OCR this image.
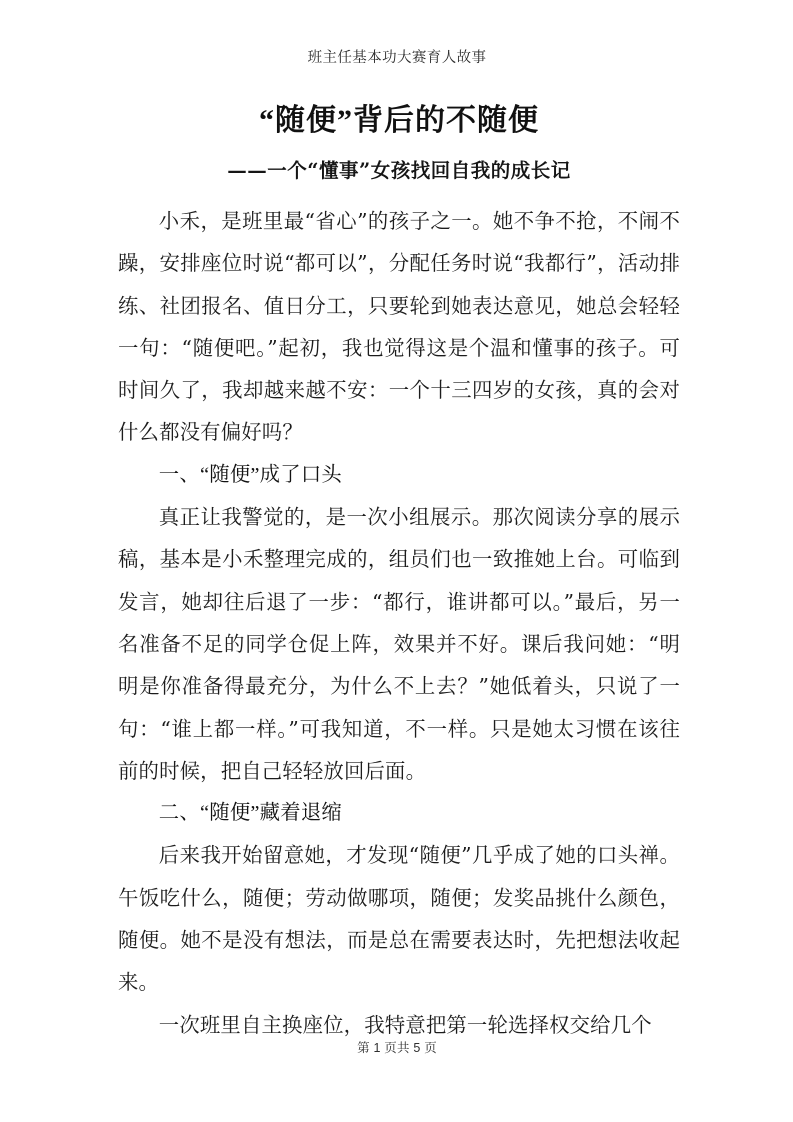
班主任基本功大赛育人故事
“随便”背后的不随便
——一个“懂事”女孩找回自我的成长记

小禾，是班里最“省心”的孩子之一。她不争不抢，不闹不躁，安排座位时说“都可以”，分配任务时说“我都行”，活动排练、社团报名、值日分工，只要轮到她表达意见，她总会轻轻一句：“随便吧。”起初，我也觉得这是个温和懂事的孩子。可时间久了，我却越来越不安：一个十三四岁的女孩，真的会对什么都没有偏好吗？

一、“随便”成了口头

真正让我警觉的，是一次小组展示。那次阅读分享的展示稿，基本是小禾整理完成的，组员们也一致推她上台。可临到发言，她却往后退了一步：“都行，谁讲都可以。”最后，另一名准备不足的同学仓促上阵，效果并不好。课后我问她：“明明是你准备得最充分，为什么不上去？”她低着头，只说了一句：“谁上都一样。”可我知道，不一样。只是她太习惯在该往前的时候，把自己轻轻放回后面。

二、“随便”藏着退缩

后来我开始留意她，才发现“随便”几乎成了她的口头禅。午饭吃什么，随便；劳动做哪项，随便；发奖品挑什么颜色，随便。她不是没有想法，而是总在需要表达时，先把想法收起来。

一次班里自主换座位，我特意把第一轮选择权交给几个

第 1 页共 5 页
